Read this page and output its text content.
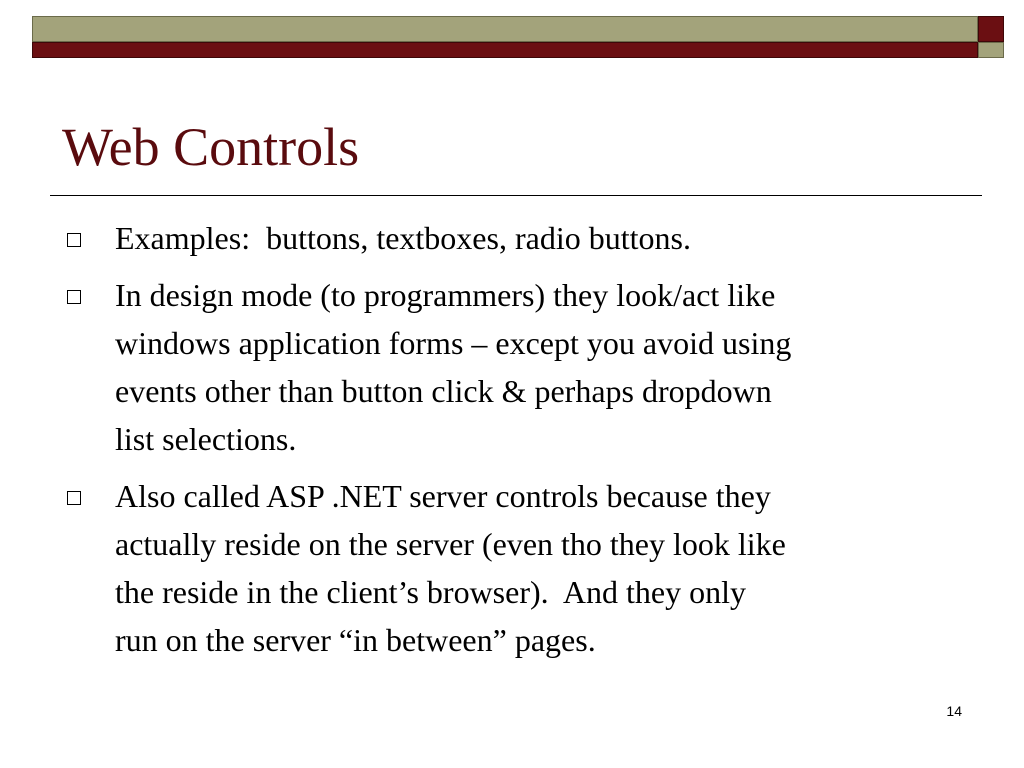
Web Controls
Examples:  buttons, textboxes, radio buttons.
In design mode (to programmers) they look/act like
windows application forms – except you avoid using
events other than button click & perhaps dropdown
list selections.
Also called ASP .NET server controls because they
actually reside on the server (even tho they look like
the reside in the client’s browser).  And they only
run on the server “in between” pages.
14
